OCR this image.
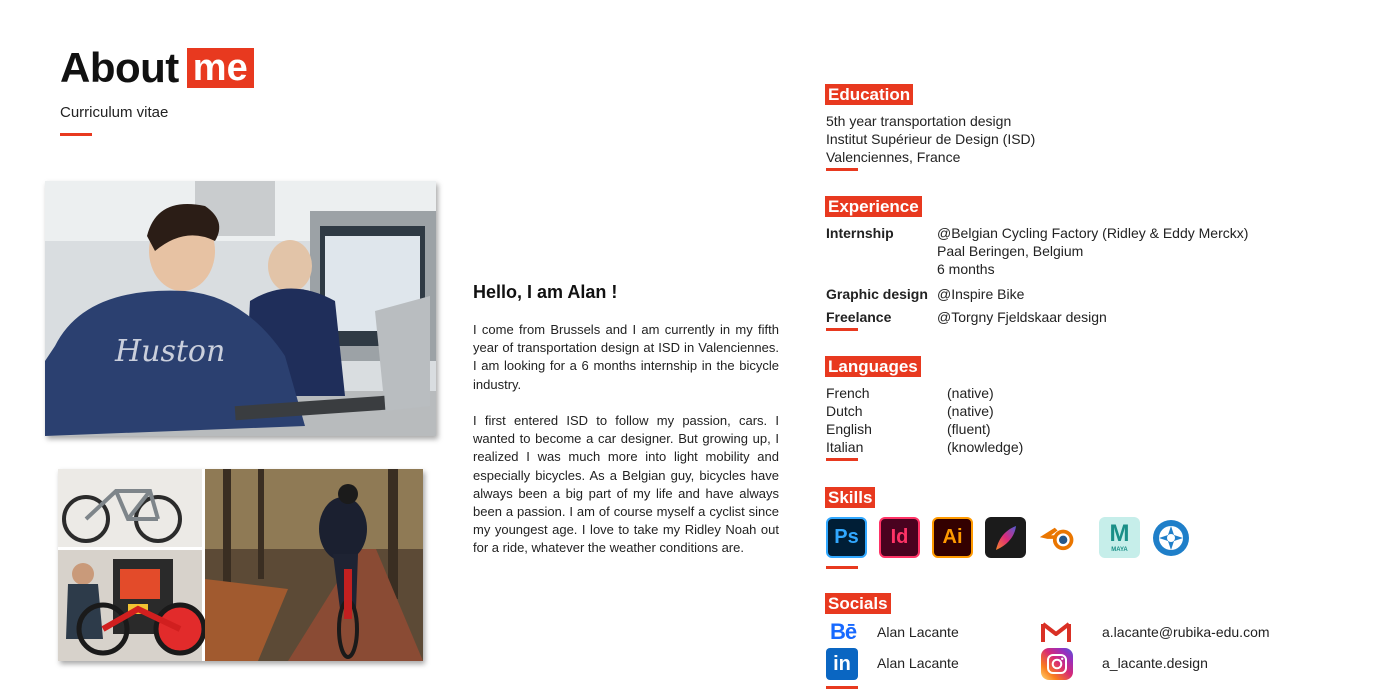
About me
Curriculum vitae
Huston
Hello, I am Alan !

I come from Brussels and I am currently in my fifth year of transportation design at ISD in Valenciennes. I am looking for a 6 months internship in the bicycle industry.

I first entered ISD to follow my passion, cars. I wanted to become a car designer. But growing up, I realized I was much more into light mobility and especially bicycles. As a Belgian guy, bicycles have always been a big part of my life and have always been a passion. I am of course myself a cyclist since my youngest age. I love to take my Ridley Noah out for a ride, whatever the weather conditions are.

Education
5th year transportation design
Institut Supérieur de Design (ISD)
Valenciennes, France
Experience
Internship	@Belgian Cycling Factory (Ridley & Eddy Merckx)
Paal Beringen, Belgium
6 months
Graphic design @Inspire Bike
Freelance	@Torgny Fjeldskaar design
Languages
French	(native)
Dutch	(native)
English	(fluent)
Italian	(knowledge)
Skills
Ps	Id	Ai	M
MAYA
Socials
Bē	Alan Lacante	a.lacante@rubika-edu.com
in	Alan Lacante	a_lacante.design
